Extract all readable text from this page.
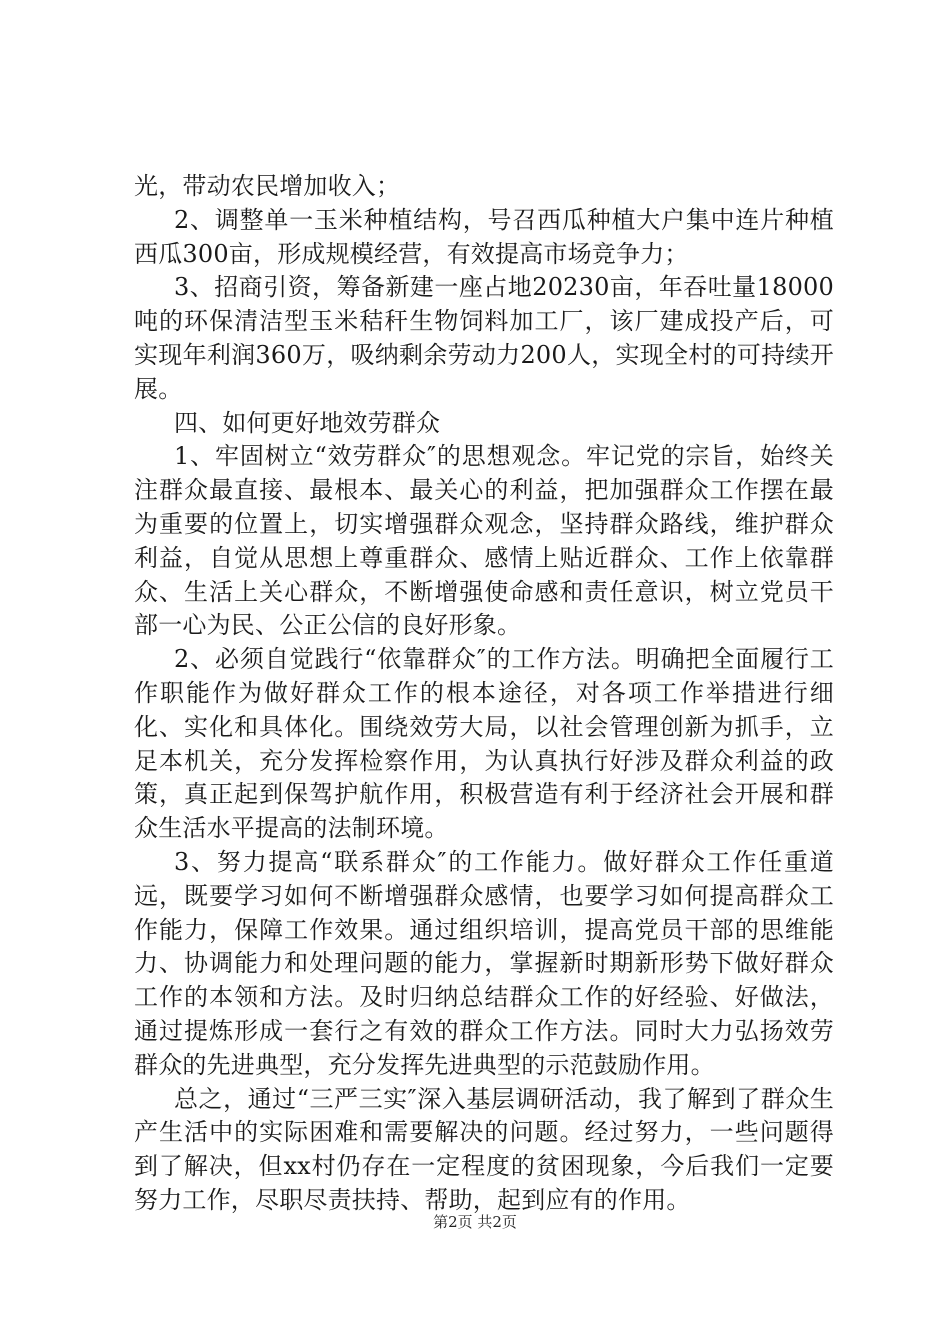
光，带动农民增加收入；

2、调整单一玉米种植结构，号召西瓜种植大户集中连片种植西瓜300亩，形成规模经营，有效提高市场竞争力；

3、招商引资，筹备新建一座占地20230亩，年吞吐量18000吨的环保清洁型玉米秸秆生物饲料加工厂，该厂建成投产后，可实现年利润360万，吸纳剩余劳动力200人，实现全村的可持续开展。

四、如何更好地效劳群众

1、牢固树立“效劳群众″的思想观念。牢记党的宗旨，始终关注群众最直接、最根本、最关心的利益，把加强群众工作摆在最为重要的位置上，切实增强群众观念，坚持群众路线，维护群众利益，自觉从思想上尊重群众、感情上贴近群众、工作上依靠群众、生活上关心群众，不断增强使命感和责任意识，树立党员干部一心为民、公正公信的良好形象。

2、必须自觉践行“依靠群众″的工作方法。明确把全面履行工作职能作为做好群众工作的根本途径，对各项工作举措进行细化、实化和具体化。围绕效劳大局，以社会管理创新为抓手，立足本机关，充分发挥检察作用，为认真执行好涉及群众利益的政策，真正起到保驾护航作用，积极营造有利于经济社会开展和群众生活水平提高的法制环境。

3、努力提高“联系群众″的工作能力。做好群众工作任重道远，既要学习如何不断增强群众感情，也要学习如何提高群众工作能力，保障工作效果。通过组织培训，提高党员干部的思维能力、协调能力和处理问题的能力，掌握新时期新形势下做好群众工作的本领和方法。及时归纳总结群众工作的好经验、好做法，通过提炼形成一套行之有效的群众工作方法。同时大力弘扬效劳群众的先进典型，充分发挥先进典型的示范鼓励作用。

总之，通过“三严三实″深入基层调研活动，我了解到了群众生产生活中的实际困难和需要解决的问题。经过努力，一些问题得到了解决，但xx村仍存在一定程度的贫困现象，今后我们一定要努力工作，尽职尽责扶持、帮助，起到应有的作用。

第2页 共2页
